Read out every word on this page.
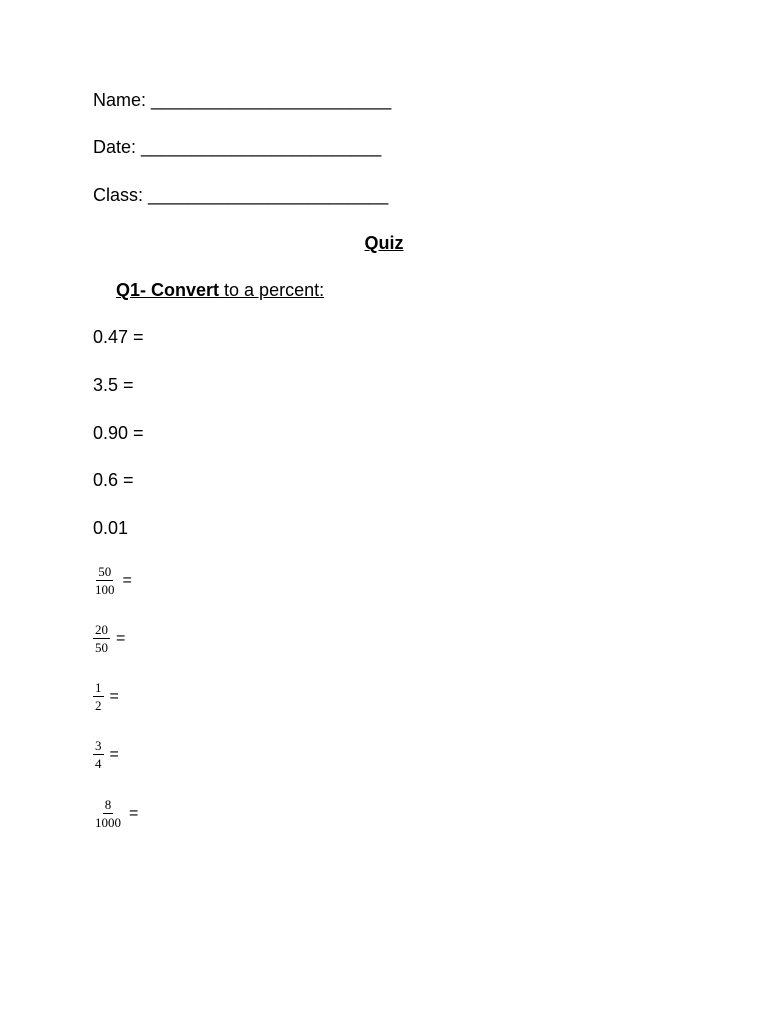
Name: ________________________
Date: ________________________
Class: ________________________
Quiz
Q1- Convert to a percent:
0.47 =
3.5 =
0.90 =
0.6 =
0.01
$\frac{50}{100}$ =
$\frac{20}{50}$ =
$\frac{1}{2}$ =
$\frac{3}{4}$ =
$\frac{8}{1000}$ =
